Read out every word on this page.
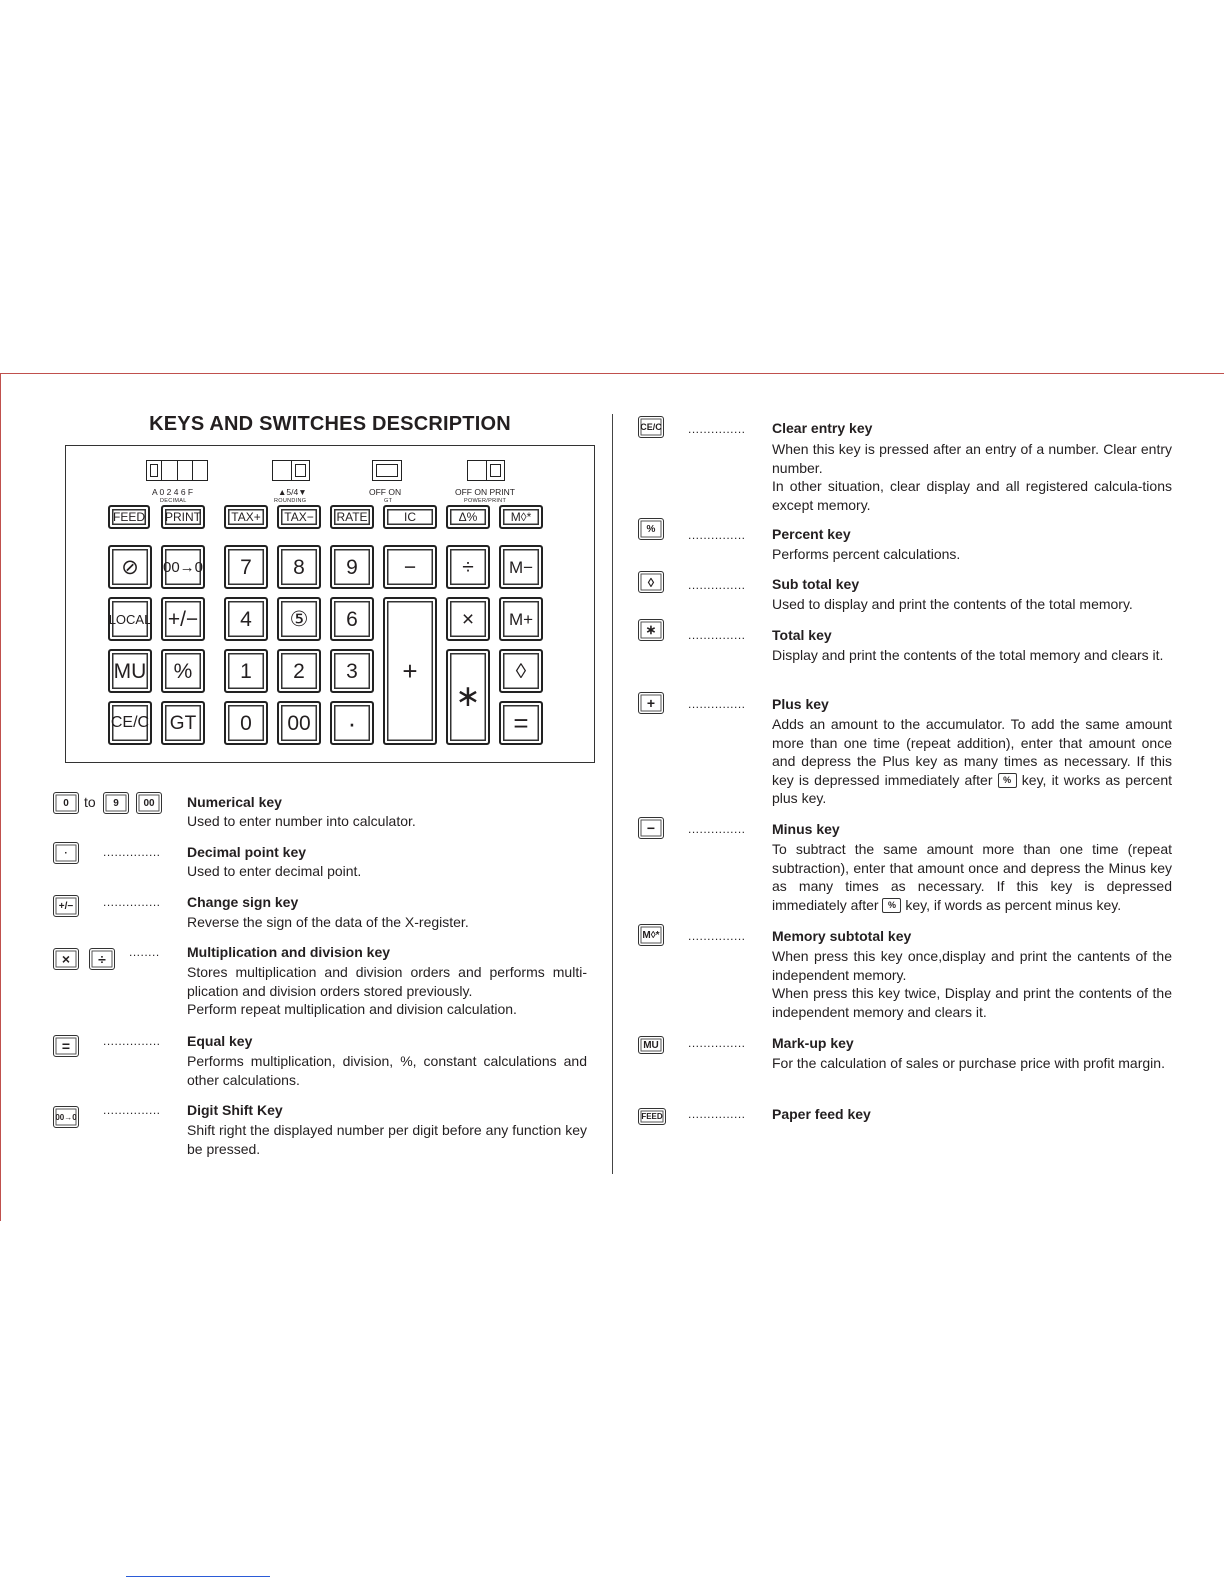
KEYS AND SWITCHES DESCRIPTION
A 0 2 4 6 F
DECIMAL
▲5/4▼
ROUNDING
OFF ON
GT
OFF ON PRINT
POWER/PRINT
FEED PRINT	TAX+ TAX− RATE	IC	Δ%	M◊*
⊘ 00→0 7 8 9 − ÷ M−
LOCAL +/− 4 ⑤ 6
+
× M+
MU % 1 2 3
∗
◊
CE/C GT 0 00 ·	=
0	to	9	00	Numerical key

Used to enter number into calculator.

·	............... Decimal point key

Used to enter decimal point.

+/−	............... Change sign key

Reverse the sign of the data of the X-register.

×	÷	........ Multiplication and division key

Stores multiplication and division orders and performs multi-plication and division orders stored previously.

Perform repeat multiplication and division calculation.

=	............... Equal key

Performs multiplication, division, %, constant calculations and other calculations.

00→0 ............... Digit Shift Key

Shift right the displayed number per digit before any function key be pressed.

CE/C ............... Clear entry key

When this key is pressed after an entry of a number. Clear entry number.

In other situation, clear display and all registered calcula-tions except memory.

%	............... Percent key

Performs percent calculations.

◊	............... Sub total key

Used to display and print the contents of the total memory.

∗	............... Total key

Display and print the contents of the total memory and clears it.

+	............... Plus key
Adds an amount to the accumulator. To add the same amount more than one time (repeat addition), enter that amount once and depress the Plus key as many times as necessary. If this key is depressed immediately after % key, it works as percent plus key.
−	............... Minus key
To subtract the same amount more than one time (repeat subtraction), enter that amount once and depress the Minus key as many times as necessary. If this key is depressed immediately after % key, if words as percent minus key.
M◊*	............... Memory subtotal key

When press this key once,display and print the cantents of the independent memory.

When press this key twice, Display and print the contents of the independent memory and clears it.

MU	............... Mark-up key

For the calculation of sales or purchase price with profit margin.

FEED ............... Paper feed key
